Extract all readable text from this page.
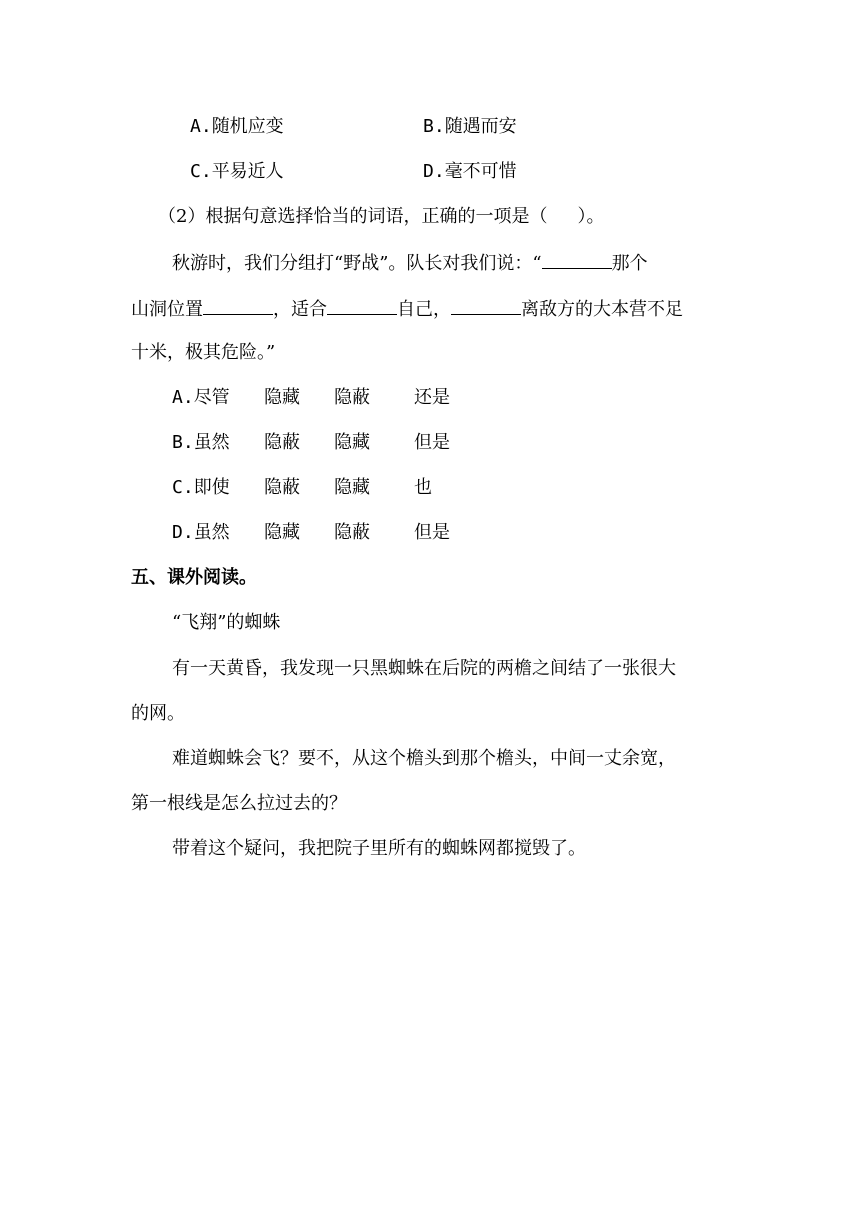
A.随机应变	B.随遇而安
C.平易近人	D.毫不可惜
（2）根据句意选择恰当的词语，正确的一项是（ ）。
秋游时，我们分组打“野战”。队长对我们说：“	那个
山洞位置	，适合	自己，	离敌方的大本营不足
十米，极其危险。”
A.尽管 隐藏 隐蔽 还是
B.虽然 隐蔽 隐藏 但是
C.即使 隐蔽 隐藏 也
D.虽然 隐藏 隐蔽 但是
五、课外阅读。
“飞翔”的蜘蛛
有一天黄昏，我发现一只黑蜘蛛在后院的两檐之间结了一张很大
的网。
难道蜘蛛会飞？要不，从这个檐头到那个檐头，中间一丈余宽，
第一根线是怎么拉过去的？
带着这个疑问，我把院子里所有的蜘蛛网都搅毁了。
